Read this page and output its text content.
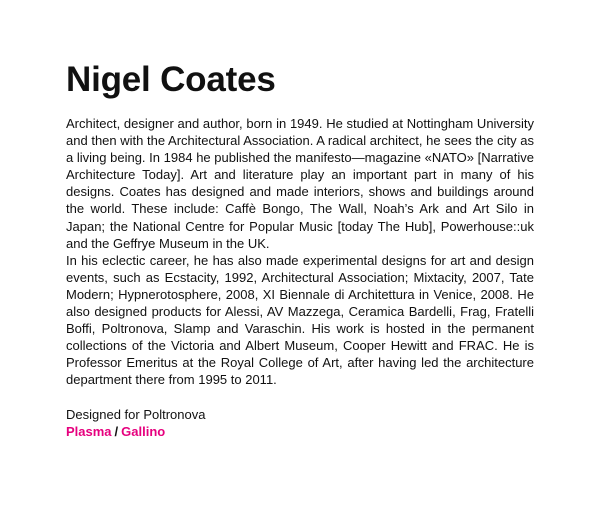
Nigel Coates

Architect, designer and author, born in 1949. He studied at Nottingham University and then with the Architectural Association. A radical architect, he sees the city as a living being. In 1984 he published the manifesto—magazine «NATO» [Narrative Architecture Today]. Art and literature play an important part in many of his designs. Coates has designed and made interiors, shows and buildings around the world. These include: Caffè Bongo, The Wall, Noah’s Ark and Art Silo in Japan; the National Centre for Popular Music [today The Hub], Powerhouse::uk and the Geffrye Museum in the UK.

In his eclectic career, he has also made experimental designs for art and design events, such as Ecstacity, 1992, Architectural Association; Mixtacity, 2007, Tate Modern; Hypnerotosphere, 2008, XI Biennale di Architettura in Venice, 2008. He also designed products for Alessi, AV Mazzega, Ceramica Bardelli, Frag, Fratelli Boffi, Poltronova, Slamp and Varaschin. His work is hosted in the permanent collections of the Victoria and Albert Museum, Cooper Hewitt and FRAC. He is Professor Emeritus at the Royal College of Art, after having led the architecture department there from 1995 to 2011.

Designed for Poltronova
Plasma / Gallino
